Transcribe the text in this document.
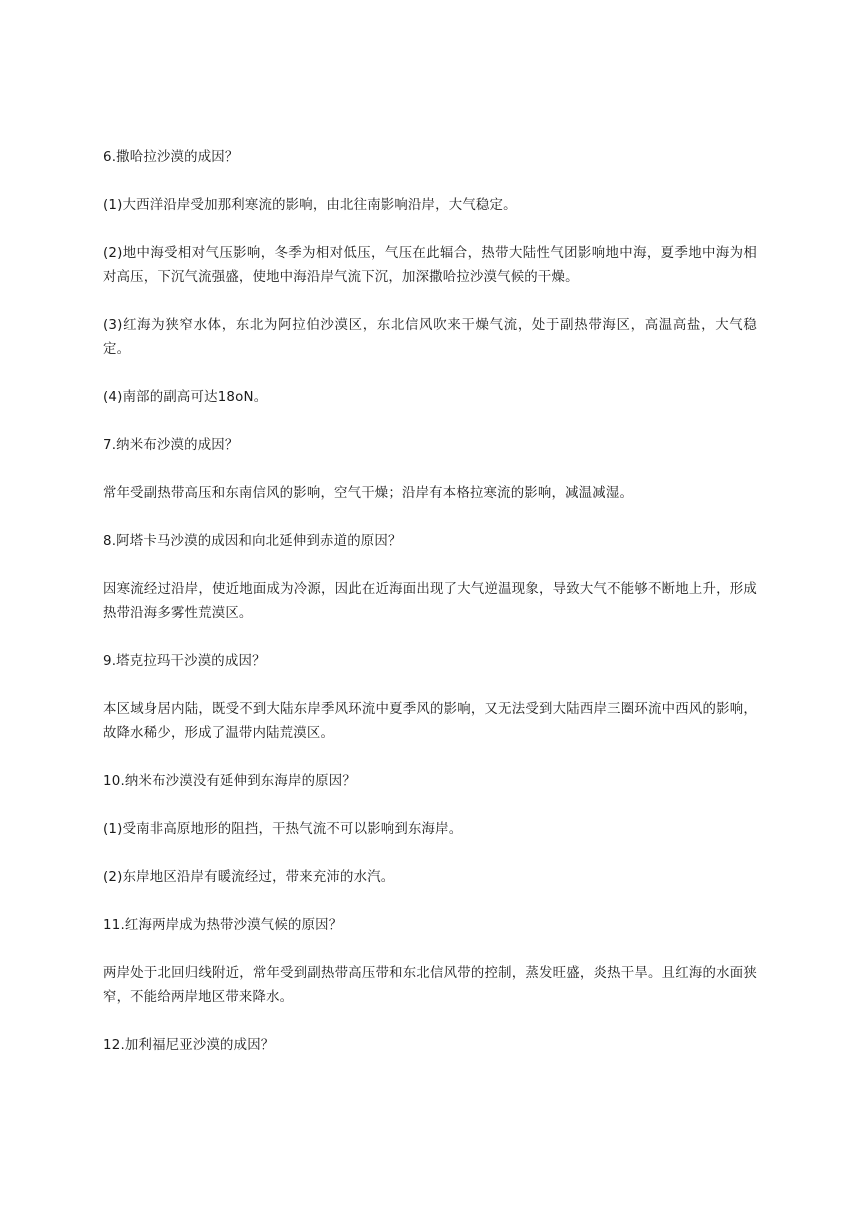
6.撒哈拉沙漠的成因？

(1)大西洋沿岸受加那利寒流的影响，由北往南影响沿岸，大气稳定。

(2)地中海受相对气压影响，冬季为相对低压，气压在此辐合，热带大陆性气团影响地中海，夏季地中海为相对高压，下沉气流强盛，使地中海沿岸气流下沉，加深撒哈拉沙漠气候的干燥。

(3)红海为狭窄水体，东北为阿拉伯沙漠区，东北信风吹来干燥气流，处于副热带海区，高温高盐，大气稳定。

(4)南部的副高可达18oN。

7.纳米布沙漠的成因？

常年受副热带高压和东南信风的影响，空气干燥；沿岸有本格拉寒流的影响，减温减湿。

8.阿塔卡马沙漠的成因和向北延伸到赤道的原因？

因寒流经过沿岸，使近地面成为冷源，因此在近海面出现了大气逆温现象，导致大气不能够不断地上升，形成热带沿海多雾性荒漠区。

9.塔克拉玛干沙漠的成因？

本区域身居内陆，既受不到大陆东岸季风环流中夏季风的影响，又无法受到大陆西岸三圈环流中西风的影响，故降水稀少，形成了温带内陆荒漠区。

10.纳米布沙漠没有延伸到东海岸的原因？

(1)受南非高原地形的阻挡，干热气流不可以影响到东海岸。

(2)东岸地区沿岸有暖流经过，带来充沛的水汽。

11.红海两岸成为热带沙漠气候的原因？

两岸处于北回归线附近，常年受到副热带高压带和东北信风带的控制，蒸发旺盛，炎热干旱。且红海的水面狭窄，不能给两岸地区带来降水。

12.加利福尼亚沙漠的成因？
